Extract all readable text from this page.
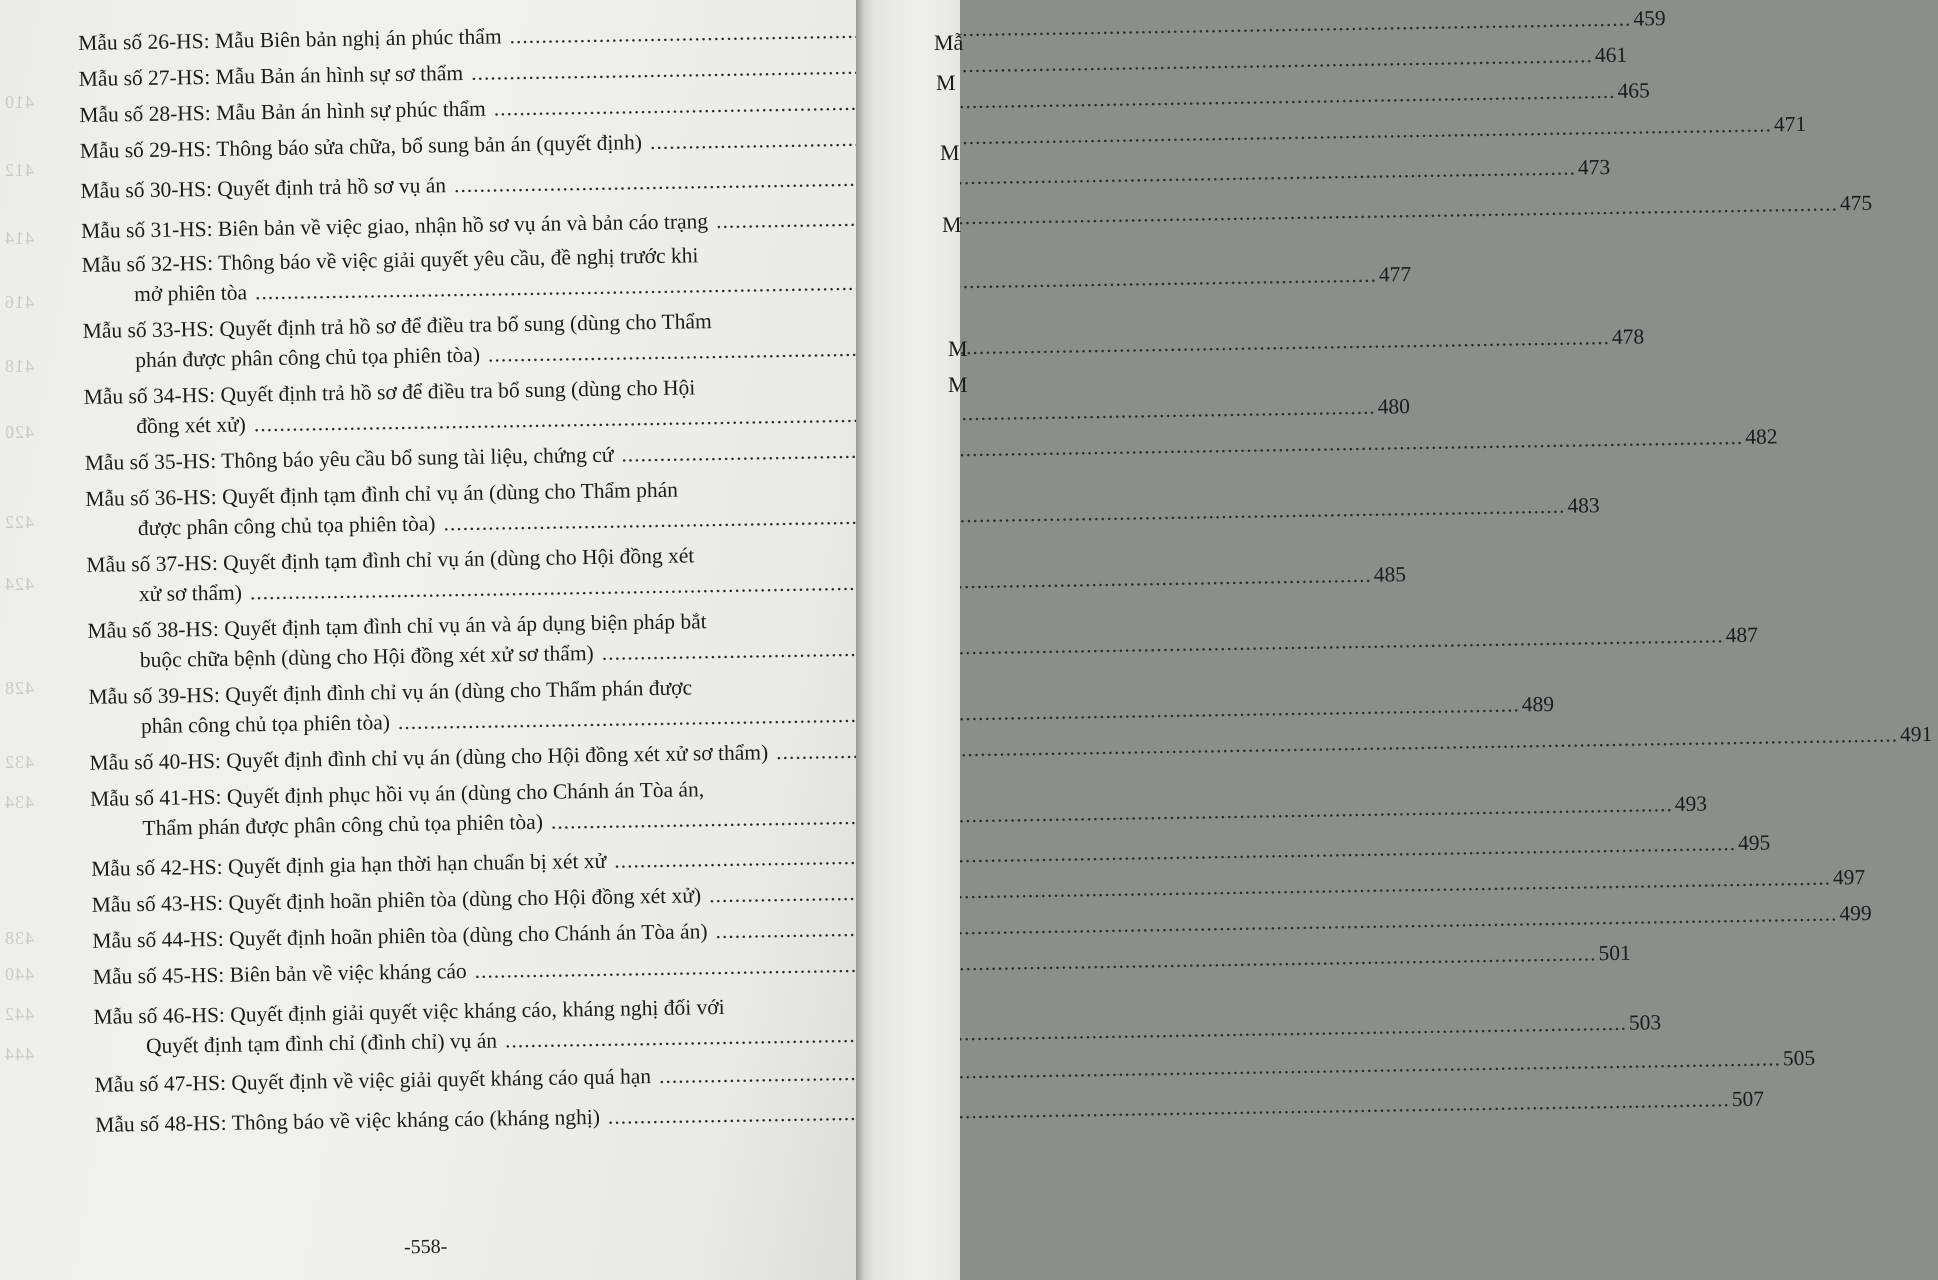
410
412
414
416
418
420
422
424
428
432
434
438
440
442
444
Mẫu số 26-HS: Mẫu Biên bản nghị án phúc thẩm
.....
459
Mẫu số 27-HS: Mẫu Bản án hình sự sơ thẩm
.....
461
Mẫu số 28-HS: Mẫu Bản án hình sự phúc thẩm
.....
465
Mẫu số 29-HS: Thông báo sửa chữa, bổ sung bản án (quyết định)
.....
471
Mẫu số 30-HS: Quyết định trả hồ sơ vụ án
.....
473
Mẫu số 31-HS: Biên bản về việc giao, nhận hồ sơ vụ án và bản cáo trạng
.....
475
Mẫu số 32-HS: Thông báo về việc giải quyết yêu cầu, đề nghị trước khi
mở phiên tòa
.....
477
Mẫu số 33-HS: Quyết định trả hồ sơ để điều tra bổ sung (dùng cho Thẩm
phán được phân công chủ tọa phiên tòa)
.....
478
Mẫu số 34-HS: Quyết định trả hồ sơ để điều tra bổ sung (dùng cho Hội
đồng xét xử)
.....
480
Mẫu số 35-HS: Thông báo yêu cầu bổ sung tài liệu, chứng cứ
.....
482
Mẫu số 36-HS: Quyết định tạm đình chỉ vụ án (dùng cho Thẩm phán
được phân công chủ tọa phiên tòa)
.....
483
Mẫu số 37-HS: Quyết định tạm đình chỉ vụ án (dùng cho Hội đồng xét
xử sơ thẩm)
.....
485
Mẫu số 38-HS: Quyết định tạm đình chỉ vụ án và áp dụng biện pháp bắt
buộc chữa bệnh (dùng cho Hội đồng xét xử sơ thẩm)
.....
487
Mẫu số 39-HS: Quyết định đình chỉ vụ án (dùng cho Thẩm phán được
phân công chủ tọa phiên tòa)
.....
489
Mẫu số 40-HS: Quyết định đình chỉ vụ án (dùng cho Hội đồng xét xử sơ thẩm)
.....
491
Mẫu số 41-HS: Quyết định phục hồi vụ án (dùng cho Chánh án Tòa án,
Thẩm phán được phân công chủ tọa phiên tòa)
.....
493
Mẫu số 42-HS: Quyết định gia hạn thời hạn chuẩn bị xét xử
.....
495
Mẫu số 43-HS: Quyết định hoãn phiên tòa (dùng cho Hội đồng xét xử)
.....
497
Mẫu số 44-HS: Quyết định hoãn phiên tòa (dùng cho Chánh án Tòa án)
.....
499
Mẫu số 45-HS: Biên bản về việc kháng cáo
.....
501
Mẫu số 46-HS: Quyết định giải quyết việc kháng cáo, kháng nghị đối với
Quyết định tạm đình chỉ (đình chỉ) vụ án
.....
503
Mẫu số 47-HS: Quyết định về việc giải quyết kháng cáo quá hạn
.....
505
Mẫu số 48-HS: Thông báo về việc kháng cáo (kháng nghị)
.....
507
-558-
Mẫ
M
M
M
M
M
